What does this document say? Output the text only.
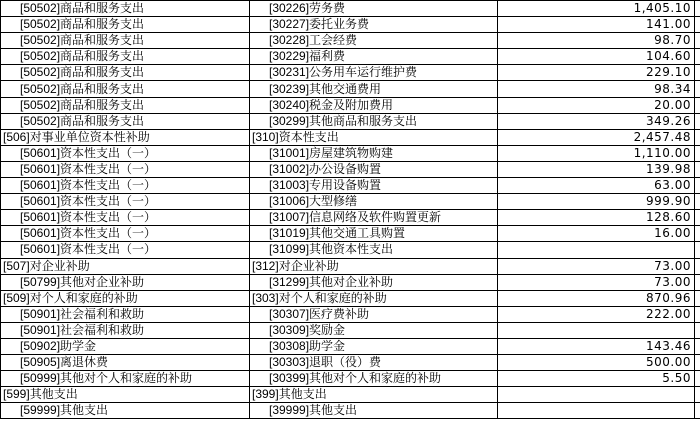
[50502]商品和服务支出	[30226]劳务费	1,405.10	
[50502]商品和服务支出	[30227]委托业务费	141.00	
[50502]商品和服务支出	[30228]工会经费	98.70	
[50502]商品和服务支出	[30229]福利费	104.60	
[50502]商品和服务支出	[30231]公务用车运行维护费	229.10	
[50502]商品和服务支出	[30239]其他交通费用	98.34	
[50502]商品和服务支出	[30240]税金及附加费用	20.00	
[50502]商品和服务支出	[30299]其他商品和服务支出	349.26	
[506]对事业单位资本性补助	[310]资本性支出	2,457.48	
[50601]资本性支出（一）	[31001]房屋建筑物购建	1,110.00	
[50601]资本性支出（一）	[31002]办公设备购置	139.98	
[50601]资本性支出（一）	[31003]专用设备购置	63.00	
[50601]资本性支出（一）	[31006]大型修缮	999.90	
[50601]资本性支出（一）	[31007]信息网络及软件购置更新	128.60	
[50601]资本性支出（一）	[31019]其他交通工具购置	16.00	
[50601]资本性支出（一）	[31099]其他资本性支出		
[507]对企业补助	[312]对企业补助	73.00	
[50799]其他对企业补助	[31299]其他对企业补助	73.00	
[509]对个人和家庭的补助	[303]对个人和家庭的补助	870.96	
[50901]社会福利和救助	[30307]医疗费补助	222.00	
[50901]社会福利和救助	[30309]奖励金		
[50902]助学金	[30308]助学金	143.46	
[50905]离退休费	[30303]退职（役）费	500.00	
[50999]其他对个人和家庭的补助	[30399]其他对个人和家庭的补助	5.50	
[599]其他支出	[399]其他支出		
[59999]其他支出	[39999]其他支出		
